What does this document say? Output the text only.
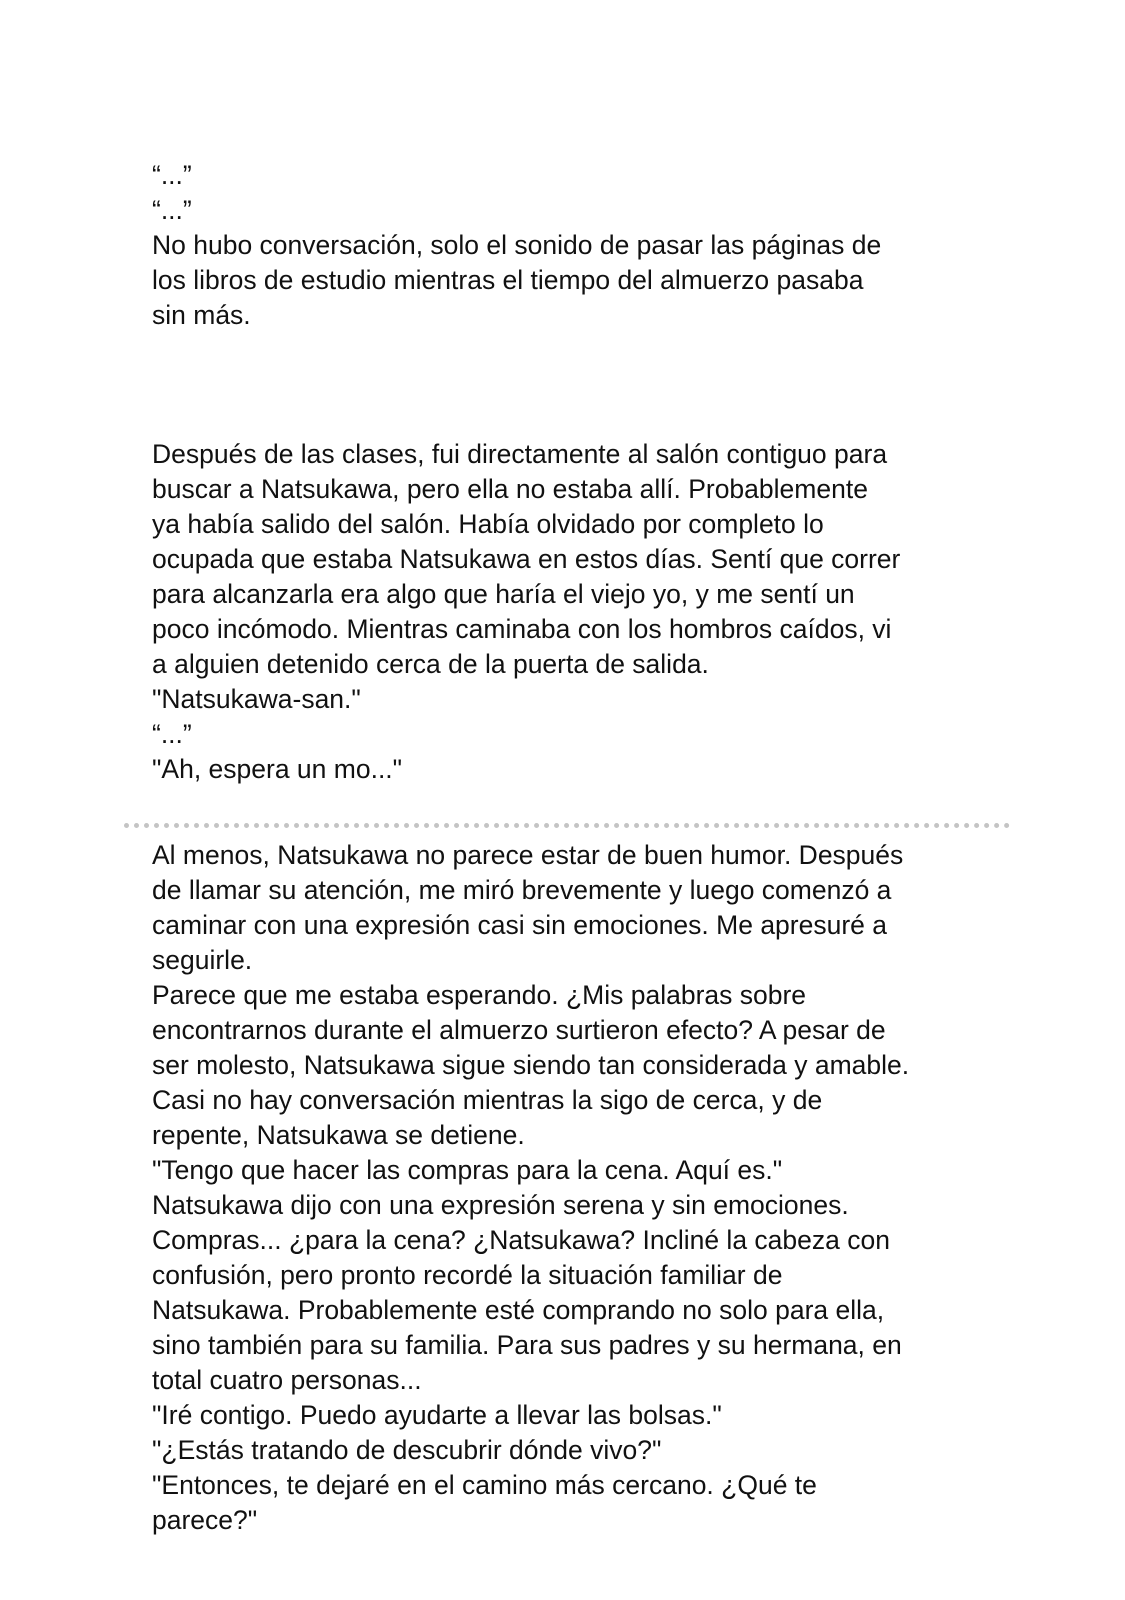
“...”
“...”
No hubo conversación, solo el sonido de pasar las páginas de
los libros de estudio mientras el tiempo del almuerzo pasaba
sin más.
Después de las clases, fui directamente al salón contiguo para
buscar a Natsukawa, pero ella no estaba allí. Probablemente
ya había salido del salón. Había olvidado por completo lo
ocupada que estaba Natsukawa en estos días. Sentí que correr
para alcanzarla era algo que haría el viejo yo, y me sentí un
poco incómodo. Mientras caminaba con los hombros caídos, vi
a alguien detenido cerca de la puerta de salida.
"Natsukawa-san."
“...”
"Ah, espera un mo..."
Al menos, Natsukawa no parece estar de buen humor. Después
de llamar su atención, me miró brevemente y luego comenzó a
caminar con una expresión casi sin emociones. Me apresuré a
seguirle.
Parece que me estaba esperando. ¿Mis palabras sobre
encontrarnos durante el almuerzo surtieron efecto? A pesar de
ser molesto, Natsukawa sigue siendo tan considerada y amable.
Casi no hay conversación mientras la sigo de cerca, y de
repente, Natsukawa se detiene.
"Tengo que hacer las compras para la cena. Aquí es."
Natsukawa dijo con una expresión serena y sin emociones.
Compras... ¿para la cena? ¿Natsukawa? Incliné la cabeza con
confusión, pero pronto recordé la situación familiar de
Natsukawa. Probablemente esté comprando no solo para ella,
sino también para su familia. Para sus padres y su hermana, en
total cuatro personas...
"Iré contigo. Puedo ayudarte a llevar las bolsas."
"¿Estás tratando de descubrir dónde vivo?"
"Entonces, te dejaré en el camino más cercano. ¿Qué te
parece?"
